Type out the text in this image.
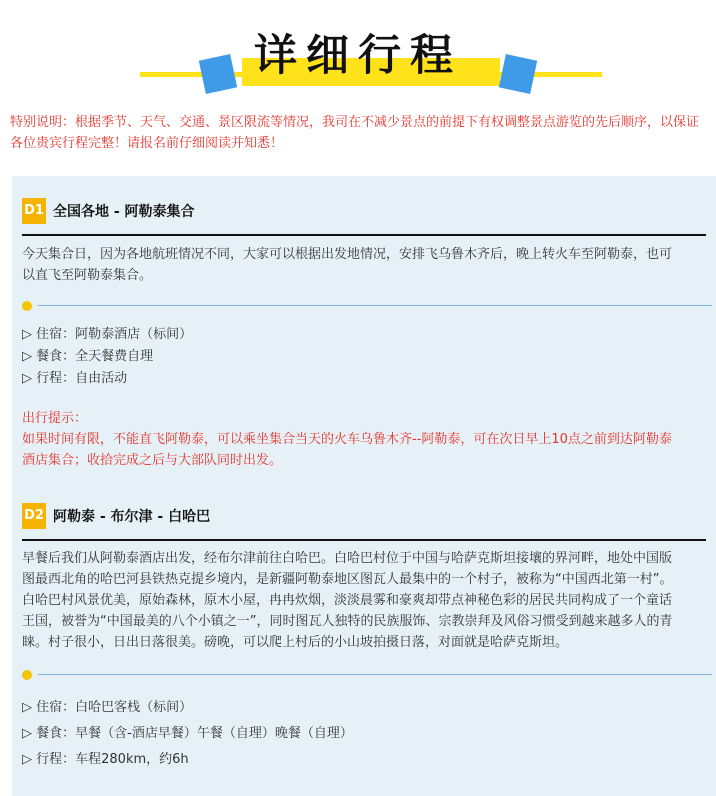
详细行程
特别说明：根据季节、天气、交通、景区限流等情况，我司在不减少景点的前提下有权调整景点游览的先后顺序，以保证
各位贵宾行程完整！请报名前仔细阅读并知悉！
D1 全国各地 - 阿勒泰集合
今天集合日，因为各地航班情况不同，大家可以根据出发地情况，安排飞乌鲁木齐后，晚上转火车至阿勒泰，也可
以直飞至阿勒泰集合。
▷ 住宿：阿勒泰酒店（标间）
▷ 餐食：全天餐费自理
▷ 行程：自由活动
出行提示：
如果时间有限，不能直飞阿勒泰，可以乘坐集合当天的火车乌鲁木齐--阿勒泰，可在次日早上10点之前到达阿勒泰
酒店集合；收拾完成之后与大部队同时出发。
D2 阿勒泰 - 布尔津 - 白哈巴
早餐后我们从阿勒泰酒店出发，经布尔津前往白哈巴。白哈巴村位于中国与哈萨克斯坦接壤的界河畔，地处中国版
图最西北角的哈巴河县铁热克提乡境内，是新疆阿勒泰地区图瓦人最集中的一个村子，被称为“中国西北第一村”。
白哈巴村风景优美，原始森林，原木小屋，冉冉炊烟，淡淡晨雾和豪爽却带点神秘色彩的居民共同构成了一个童话
王国，被誉为“中国最美的八个小镇之一”，同时图瓦人独特的民族服饰、宗教崇拜及风俗习惯受到越来越多人的青
睐。村子很小，日出日落很美。磅晚，可以爬上村后的小山坡拍摄日落，对面就是哈萨克斯坦。
▷ 住宿：白哈巴客栈（标间）
▷ 餐食：早餐（含-酒店早餐）午餐（自理）晚餐（自理）
▷ 行程：车程280km，约6h
